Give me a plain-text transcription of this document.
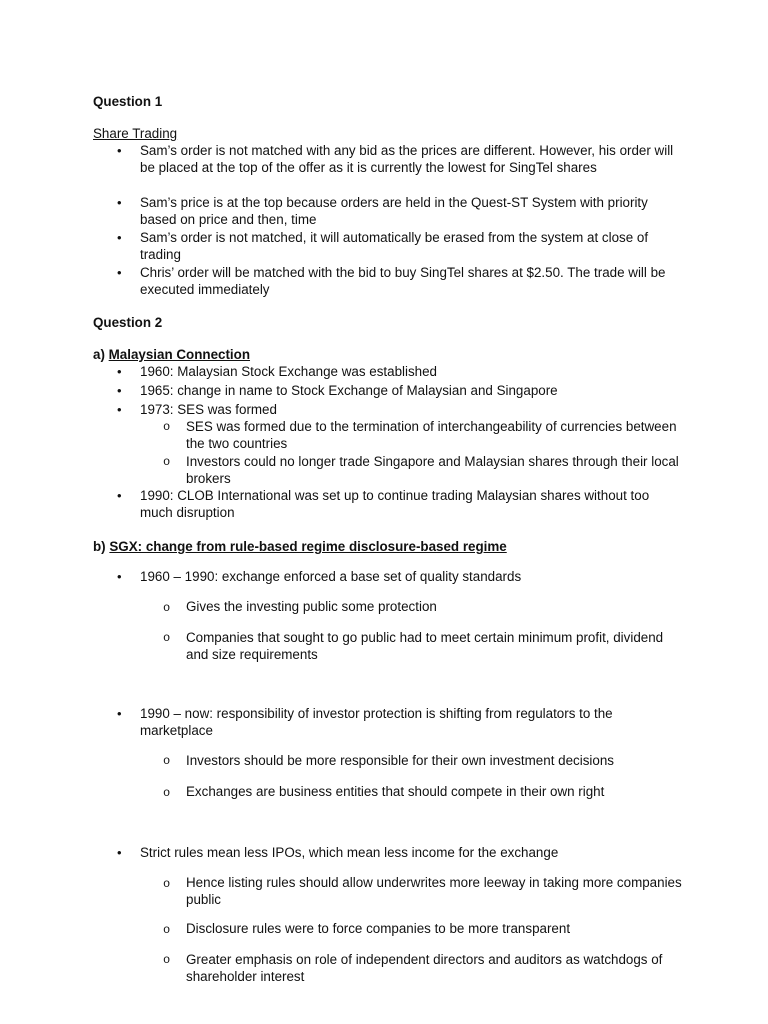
Question 1
Share Trading
• Sam’s order is not matched with any bid as the prices are different. However, his order will be placed at the top of the offer as it is currently the lowest for SingTel shares
• Sam’s price is at the top because orders are held in the Quest-ST System with priority based on price and then, time
• Sam’s order is not matched, it will automatically be erased from the system at close of trading
• Chris’ order will be matched with the bid to buy SingTel shares at $2.50. The trade will be executed immediately
Question 2
a) Malaysian Connection
• 1960: Malaysian Stock Exchange was established
• 1965: change in name to Stock Exchange of Malaysian and Singapore
• 1973: SES was formed
o SES was formed due to the termination of interchangeability of currencies between the two countries
o Investors could no longer trade Singapore and Malaysian shares through their local brokers
• 1990: CLOB International was set up to continue trading Malaysian shares without too much disruption
b) SGX: change from rule-based regime disclosure-based regime
• 1960 – 1990: exchange enforced a base set of quality standards
o Gives the investing public some protection
o Companies that sought to go public had to meet certain minimum profit, dividend and size requirements
• 1990 – now: responsibility of investor protection is shifting from regulators to the marketplace
o Investors should be more responsible for their own investment decisions
o Exchanges are business entities that should compete in their own right
• Strict rules mean less IPOs, which mean less income for the exchange
o Hence listing rules should allow underwrites more leeway in taking more companies public
o Disclosure rules were to force companies to be more transparent
o Greater emphasis on role of independent directors and auditors as watchdogs of shareholder interest
